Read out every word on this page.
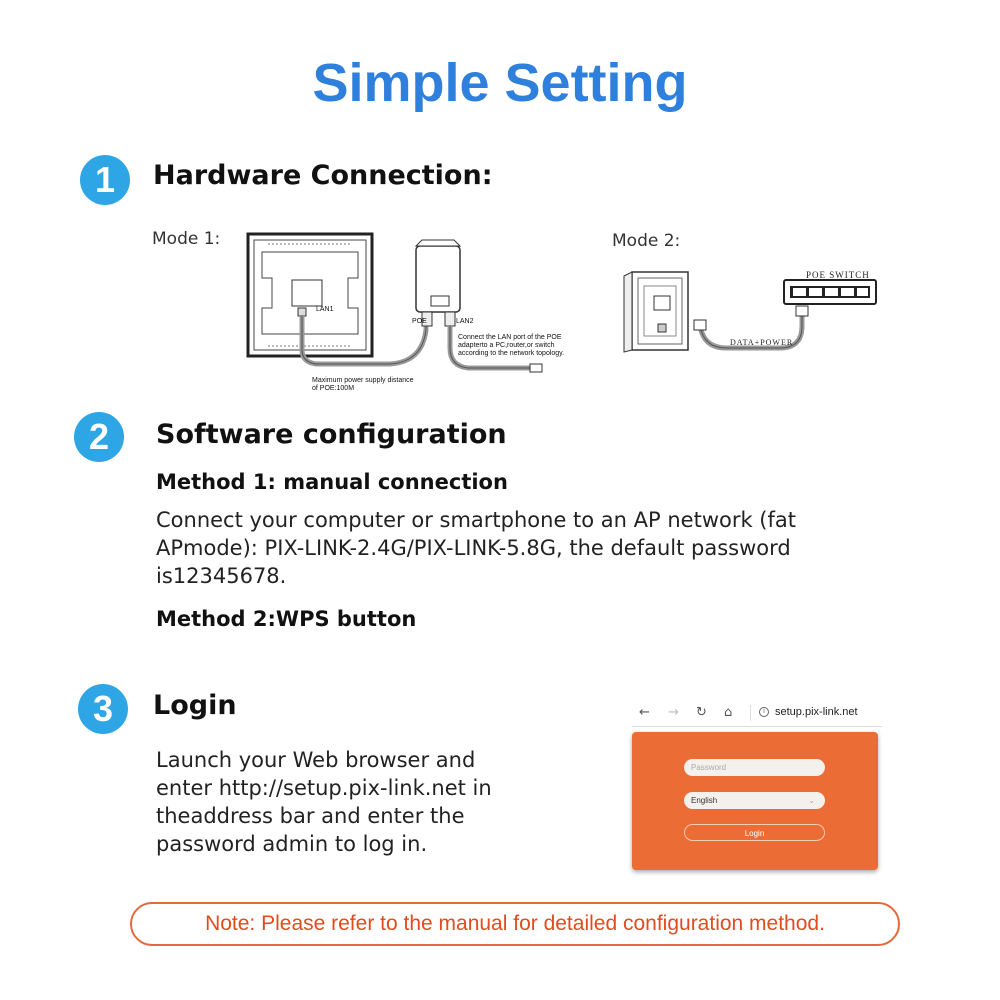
Simple Setting
1	Hardware Connection:
Mode 1:
LAN1
POE	LAN2
Connect the LAN port of the POE
adapterto a PC,router,or switch
according to the network topology.
Maximum power supply distance
of POE:100M
Mode 2:
POE SWITCH
DATA+POWER
2	Software configuration
Method 1: manual connection
Connect your computer or smartphone to an AP network (fat
APmode): PIX-LINK-2.4G/PIX-LINK-5.8G, the default password
is12345678.
Method 2:WPS button
3	Login
Launch your Web browser and
enter http://setup.pix-link.net in
theaddress bar and enter the
password admin to log in.
← → ↻ ⌂	i setup.pix-link.net
Password
English	⌄
Login
Note: Please refer to the manual for detailed configuration method.
